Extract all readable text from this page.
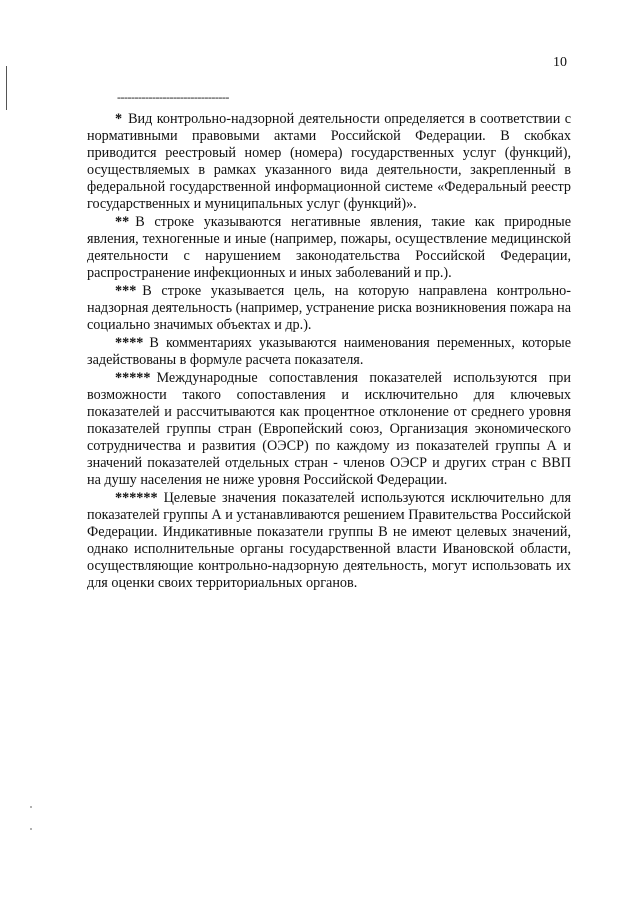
10
--------------------------------

* Вид контрольно-надзорной деятельности определяется в соответствии с нормативными правовыми актами Российской Федерации. В скобках приводится реестровый номер (номера) государственных услуг (функций), осуществляемых в рамках указанного вида деятельности, закрепленный в федеральной государственной информационной системе «Федеральный реестр государственных и муниципальных услуг (функций)».

** В строке указываются негативные явления, такие как природные явления, техногенные и иные (например, пожары, осуществление медицинской деятельности с нарушением законодательства Российской Федерации, распространение инфекционных и иных заболеваний и пр.).

*** В строке указывается цель, на которую направлена контрольно-надзорная деятельность (например, устранение риска возникновения пожара на социально значимых объектах и др.).

**** В комментариях указываются наименования переменных, которые задействованы в формуле расчета показателя.

***** Международные сопоставления показателей используются при возможности такого сопоставления и исключительно для ключевых показателей и рассчитываются как процентное отклонение от среднего уровня показателей группы стран (Европейский союз, Организация экономического сотрудничества и развития (ОЭСР) по каждому из показателей группы А и значений показателей отдельных стран - членов ОЭСР и других стран с ВВП на душу населения не ниже уровня Российской Федерации.

****** Целевые значения показателей используются исключительно для показателей группы А и устанавливаются решением Правительства Российской Федерации. Индикативные показатели группы В не имеют целевых значений, однако исполнительные органы государственной власти Ивановской области, осуществляющие контрольно-надзорную деятельность, могут использовать их для оценки своих территориальных органов.
